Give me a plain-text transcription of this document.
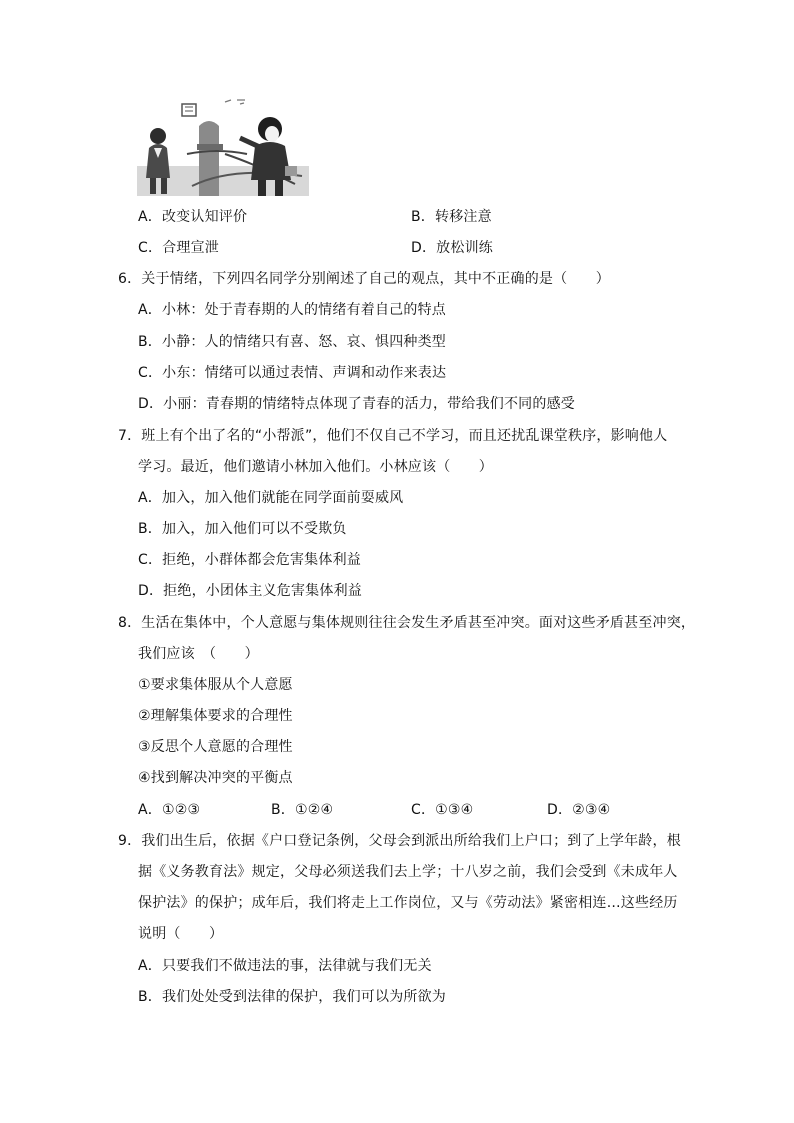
A．改变认知评价	B．转移注意
C．合理宣泄	D．放松训练
6．关于情绪，下列四名同学分别阐述了自己的观点，其中不正确的是（　　）
A．小林：处于青春期的人的情绪有着自己的特点
B．小静：人的情绪只有喜、怒、哀、惧四种类型
C．小东：情绪可以通过表情、声调和动作来表达
D．小丽：青春期的情绪特点体现了青春的活力，带给我们不同的感受
7．班上有个出了名的“小帮派”，他们不仅自己不学习，而且还扰乱课堂秩序，影响他人
学习。最近，他们邀请小林加入他们。小林应该（　　）
A．加入，加入他们就能在同学面前耍威风
B．加入，加入他们可以不受欺负
C．拒绝，小群体都会危害集体利益
D．拒绝，小团体主义危害集体利益
8．生活在集体中，个人意愿与集体规则往往会发生矛盾甚至冲突。面对这些矛盾甚至冲突，
我们应该　（　　）
①要求集体服从个人意愿
②理解集体要求的合理性
③反思个人意愿的合理性
④找到解决冲突的平衡点
A．①②③	B．①②④	C．①③④	D．②③④
9．我们出生后，依据《户口登记条例，父母会到派出所给我们上户口；到了上学年龄，根
据《义务教育法》规定，父母必须送我们去上学；十八岁之前，我们会受到《未成年人
保护法》的保护；成年后，我们将走上工作岗位，又与《劳动法》紧密相连…这些经历
说明（　　）
A．只要我们不做违法的事，法律就与我们无关
B．我们处处受到法律的保护，我们可以为所欲为
